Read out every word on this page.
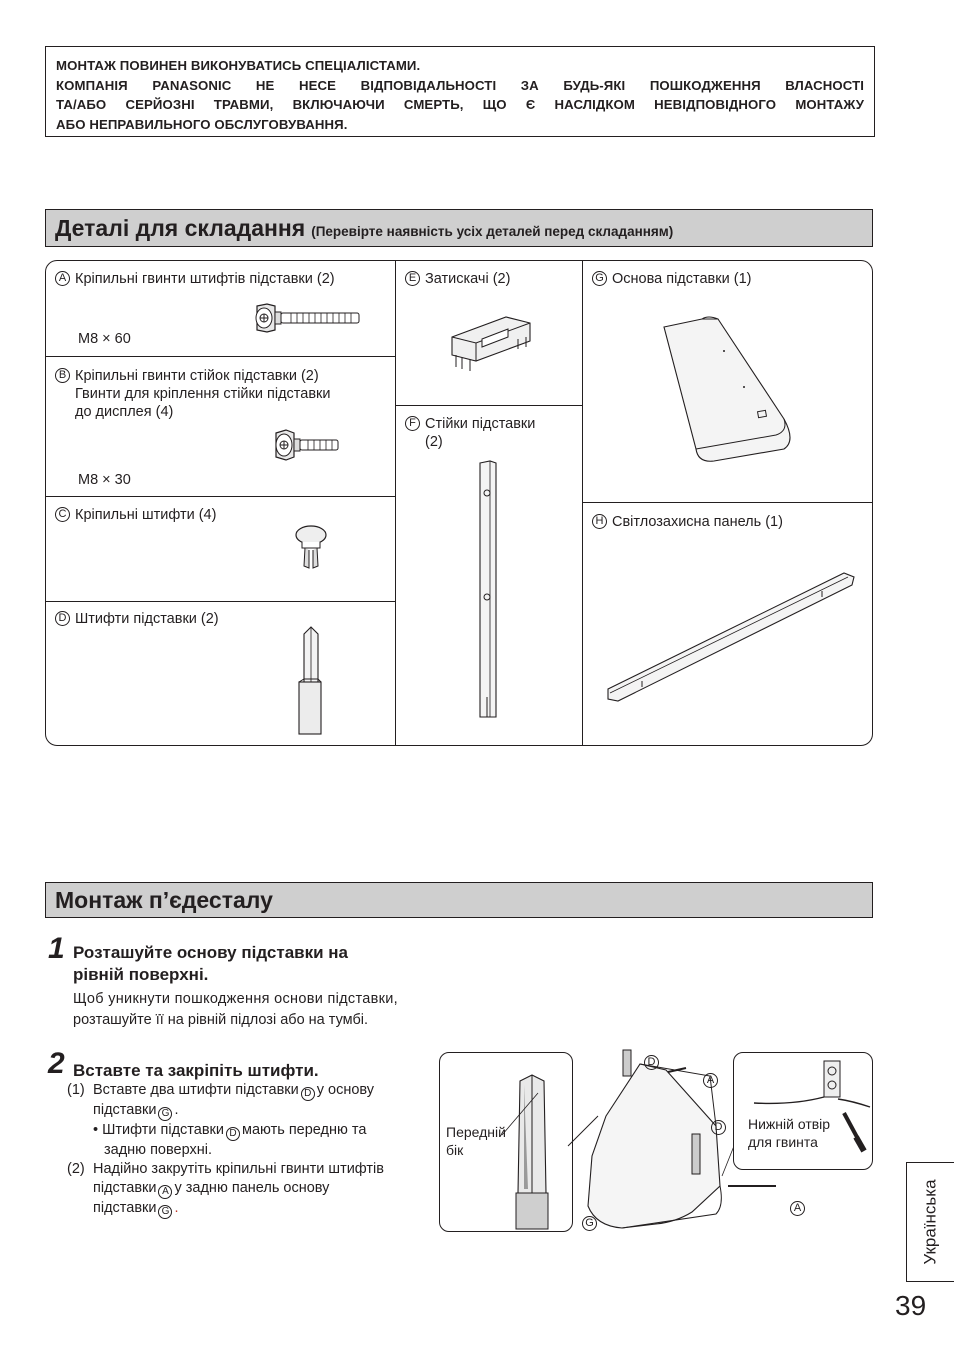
МОНТАЖ ПОВИНЕН ВИКОНУВАТИСЬ СПЕЦІАЛІСТАМИ.
КОМПАНІЯ PANASONIC НЕ НЕСЕ ВІДПОВІДАЛЬНОСТІ ЗА БУДЬ-ЯКІ ПОШКОДЖЕННЯ ВЛАСНОСТІ
ТА/АБО СЕРЙОЗНІ ТРАВМИ, ВКЛЮЧАЮЧИ СМЕРТЬ, ЩО Є НАСЛІДКОМ НЕВІДПОВІДНОГО МОНТАЖУ
АБО НЕПРАВИЛЬНОГО ОБСЛУГОВУВАННЯ.
Деталі для складання (Перевірте наявність усіх деталей перед складанням)
A Кріпильні гвинти штифтів підставки (2)
M8 × 60
B Кріпильні гвинти стійок підставки (2)
Гвинти для кріплення стійки підставки
до дисплея (4)
M8 × 30
C Кріпильні штифти (4)
D Штифти підставки (2)
E Затискачі (2)
F Стійки підставки
(2)
G Основа підставки (1)
H Світлозахисна панель (1)
Монтаж п’єдесталу
1 Розташуйте основу підставки на
рівній поверхні.
Щоб уникнути пошкодження основи підставки,
розташуйте її на рівній підлозі або на тумбі.
2 Вставте та закріпіть штифти.
(1) Вставте два штифти підставки D у основу
підставки G .
• Штифти підставки D мають передню та
задню поверхні.
(2) Надійно закрутіть кріпильні гвинти штифтів
підставки A у задню панель основу
підставки G .
Передній
бік
D
A
D
A
G
Нижній отвір
для гвинта
Українська
39
